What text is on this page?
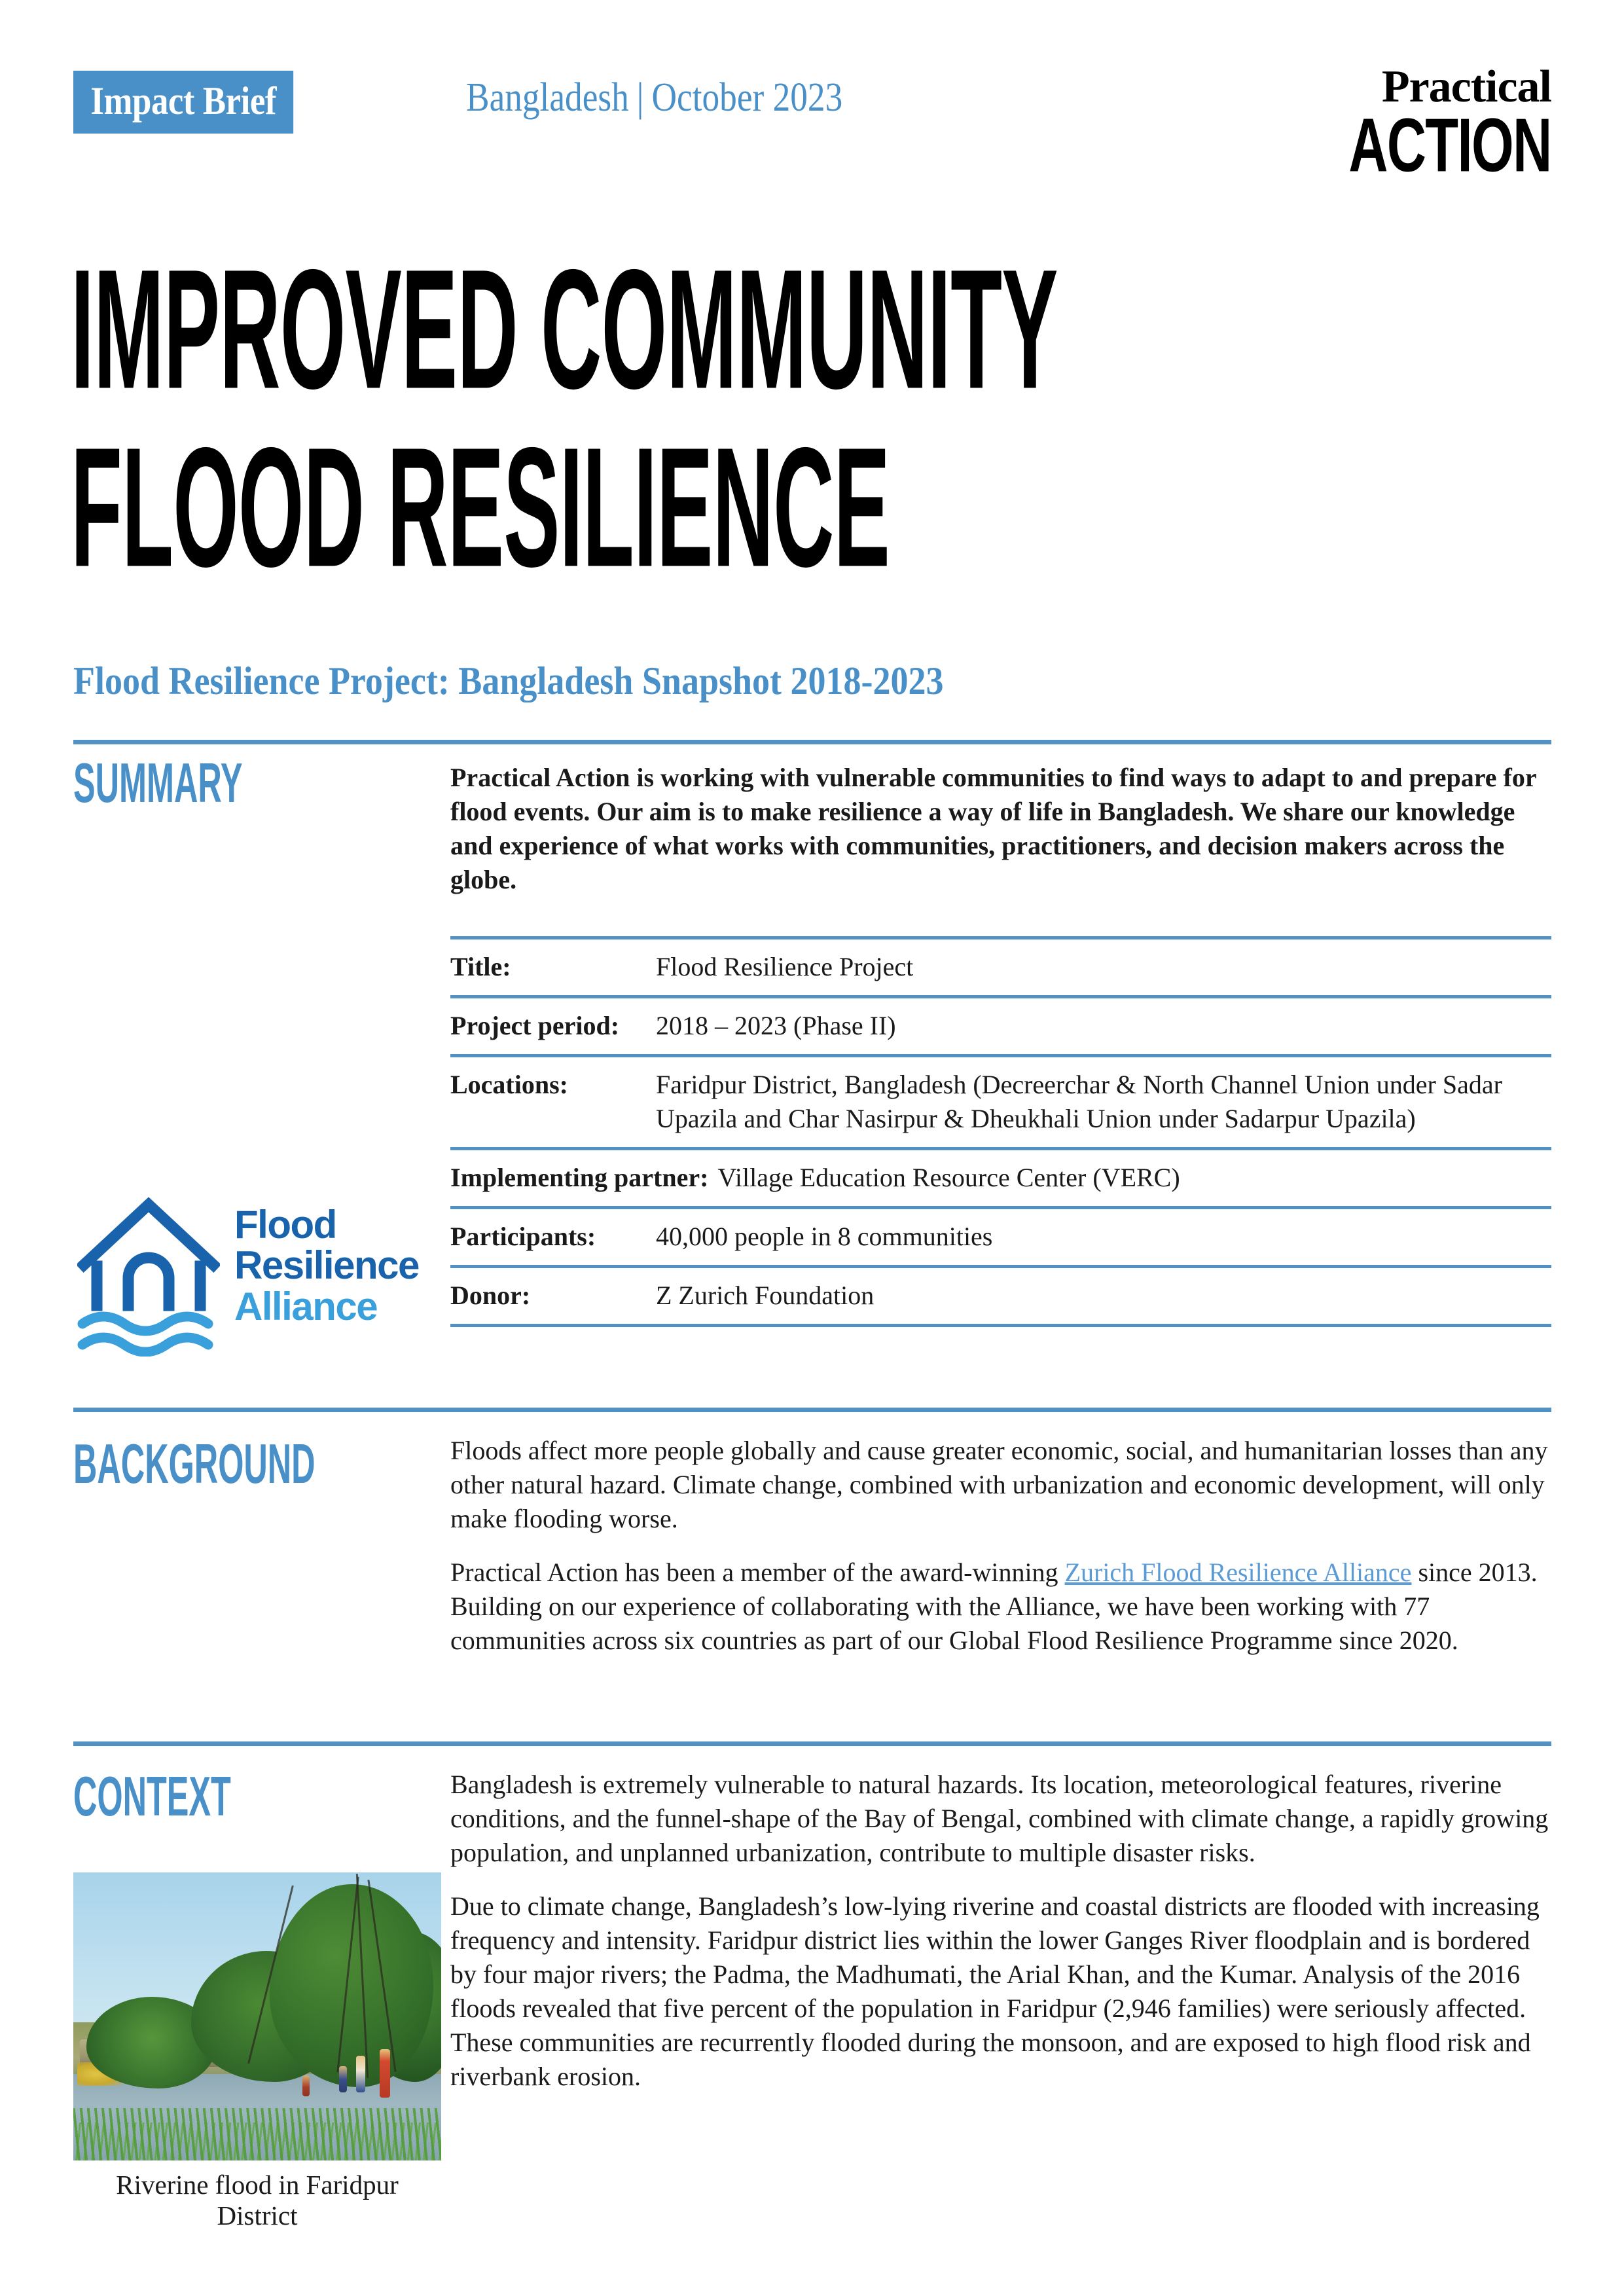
Impact Brief	Bangladesh | October 2023	Practical
ACTION
IMPROVED COMMUNITY
FLOOD RESILIENCE
Flood Resilience Project: Bangladesh Snapshot 2018-2023
SUMMARY	Practical Action is working with vulnerable communities to find ways to adapt to and prepare for flood events. Our aim is to make resilience a way of life in Bangladesh. We share our knowledge and experience of what works with communities, practitioners, and decision makers across the globe.

Title:	Flood Resilience Project
Project period:	2018 – 2023 (Phase II)
Locations:	Faridpur District, Bangladesh (Decreerchar & North Channel Union under Sadar Upazila and Char Nasirpur & Dheukhali Union under Sadarpur Upazila)
Implementing partner: Village Education Resource Center (VERC)
Participants:	40,000 people in 8 communities
Donor:	Z Zurich Foundation
Flood
Resilience
Alliance
BACKGROUND	Floods affect more people globally and cause greater economic, social, and humanitarian losses than any other natural hazard. Climate change, combined with urbanization and economic development, will only make flooding worse.

Practical Action has been a member of the award-winning Zurich Flood Resilience Alliance since 2013. Building on our experience of collaborating with the Alliance, we have been working with 77 communities across six countries as part of our Global Flood Resilience Programme since 2020.

CONTEXT	Bangladesh is extremely vulnerable to natural hazards. Its location, meteorological features, riverine conditions, and the funnel-shape of the Bay of Bengal, combined with climate change, a rapidly growing population, and unplanned urbanization, contribute to multiple disaster risks.

Due to climate change, Bangladesh’s low-lying riverine and coastal districts are flooded with increasing frequency and intensity. Faridpur district lies within the lower Ganges River floodplain and is bordered by four major rivers; the Padma, the Madhumati, the Arial Khan, and the Kumar. Analysis of the 2016 floods revealed that five percent of the population in Faridpur (2,946 families) were seriously affected. These communities are recurrently flooded during the monsoon, and are exposed to high flood risk and riverbank erosion.

Riverine flood in Faridpur District
